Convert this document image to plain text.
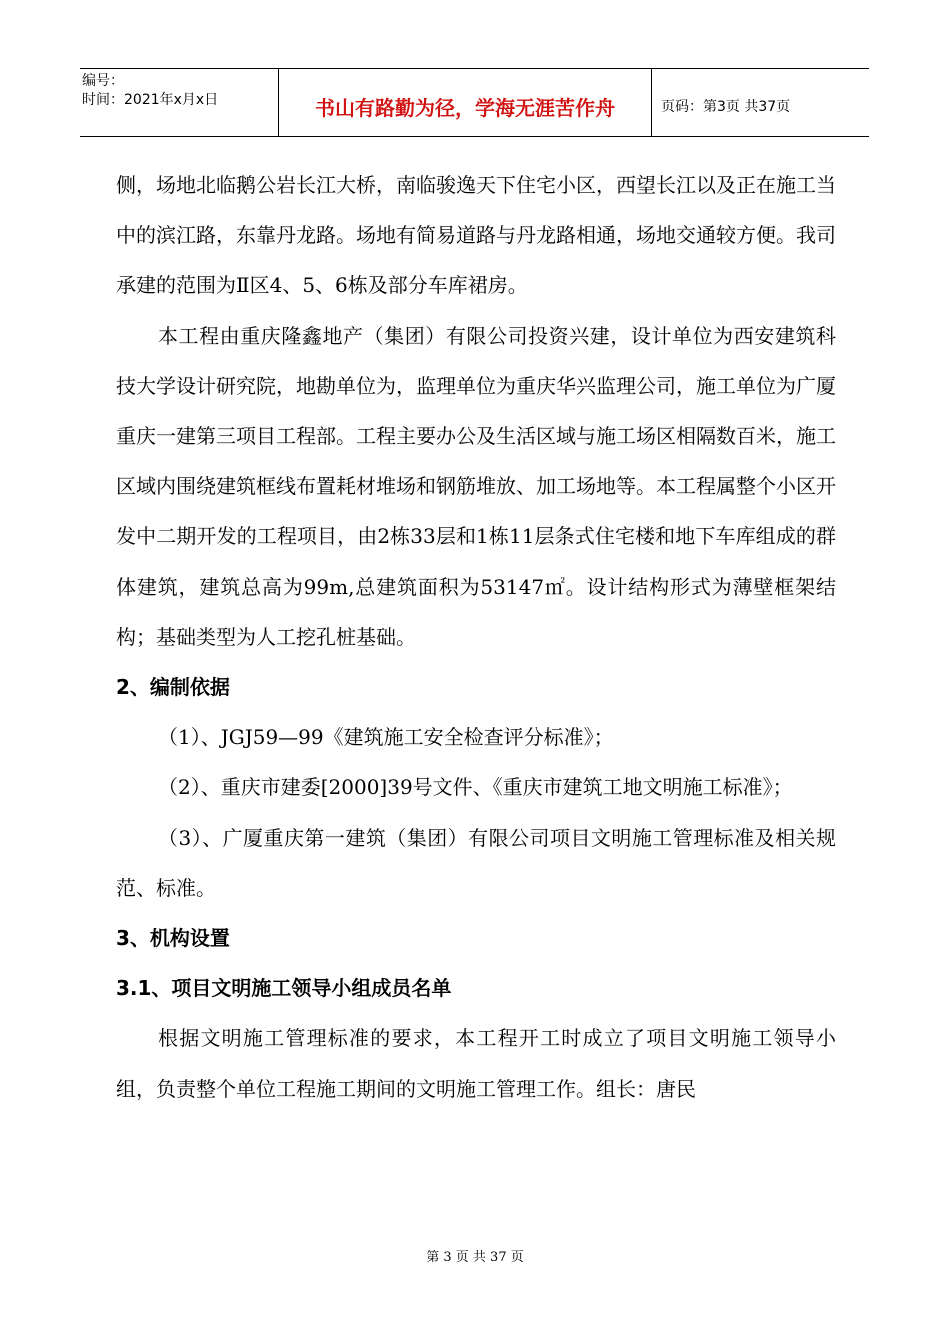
编号：
时间：2021年x月x日	书山有路勤为径，学海无涯苦作舟	页码：第3页 共37页

侧，场地北临鹅公岩长江大桥，南临骏逸天下住宅小区，西望长江以及正在施工当中的滨江路，东靠丹龙路。场地有简易道路与丹龙路相通，场地交通较方便。我司承建的范围为Ⅱ区4、5、6栋及部分车库裙房。

本工程由重庆隆鑫地产（集团）有限公司投资兴建，设计单位为西安建筑科技大学设计研究院，地勘单位为，监理单位为重庆华兴监理公司，施工单位为广厦重庆一建第三项目工程部。工程主要办公及生活区域与施工场区相隔数百米，施工区域内围绕建筑框线布置耗材堆场和钢筋堆放、加工场地等。本工程属整个小区开发中二期开发的工程项目，由2栋33层和1栋11层条式住宅楼和地下车库组成的群体建筑，建筑总高为99m,总建筑面积为53147㎡。设计结构形式为薄壁框架结构；基础类型为人工挖孔桩基础。

2、编制依据

（1）、JGJ59—99《建筑施工安全检查评分标准》；

（2）、重庆市建委[2000]39号文件、《重庆市建筑工地文明施工标准》；

（3）、广厦重庆第一建筑（集团）有限公司项目文明施工管理标准及相关规范、标准。

3、机构设置

3.1、项目文明施工领导小组成员名单

根据文明施工管理标准的要求，本工程开工时成立了项目文明施工领导小组，负责整个单位工程施工期间的文明施工管理工作。组长：唐民

第 3 页 共 37 页
